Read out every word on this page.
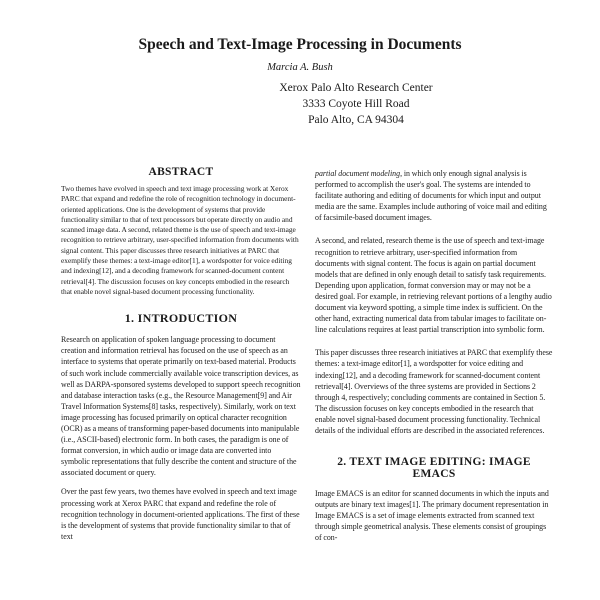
Speech and Text-Image Processing in Documents
Marcia A. Bush
Xerox Palo Alto Research Center
3333 Coyote Hill Road
Palo Alto, CA 94304
ABSTRACT

Two themes have evolved in speech and text image processing work at Xerox PARC that expand and redefine the role of recognition technology in document-oriented applications. One is the development of systems that provide functionality similar to that of text processors but operate directly on audio and scanned image data. A second, related theme is the use of speech and text-image recognition to retrieve arbitrary, user-specified information from documents with signal content. This paper discusses three research initiatives at PARC that exemplify these themes: a text-image editor[1], a wordspotter for voice editing and indexing[12], and a decoding framework for scanned-document content retrieval[4]. The discussion focuses on key concepts embodied in the research that enable novel signal-based document processing functionality.

1. INTRODUCTION

Research on application of spoken language processing to document creation and information retrieval has focused on the use of speech as an interface to systems that operate primarily on text-based material. Products of such work include commercially available voice transcription devices, as well as DARPA-sponsored systems developed to support speech recognition and database interaction tasks (e.g., the Resource Management[9] and Air Travel Information Systems[8] tasks, respectively). Similarly, work on text image processing has focused primarily on optical character recognition (OCR) as a means of transforming paper-based documents into manipulable (i.e., ASCII-based) electronic form. In both cases, the paradigm is one of format conversion, in which audio or image data are converted into symbolic representations that fully describe the content and structure of the associated document or query.

Over the past few years, two themes have evolved in speech and text image processing work at Xerox PARC that expand and redefine the role of recognition technology in document-oriented applications. The first of these is the development of systems that provide functionality similar to that of text

partial document modeling, in which only enough signal analysis is performed to accomplish the user's goal. The systems are intended to facilitate authoring and editing of documents for which input and output media are the same. Examples include authoring of voice mail and editing of facsimile-based document images.

A second, and related, research theme is the use of speech and text-image recognition to retrieve arbitrary, user-specified information from documents with signal content. The focus is again on partial document models that are defined in only enough detail to satisfy task requirements. Depending upon application, format conversion may or may not be a desired goal. For example, in retrieving relevant portions of a lengthy audio document via keyword spotting, a simple time index is sufficient. On the other hand, extracting numerical data from tabular images to facilitate on-line calculations requires at least partial transcription into symbolic form.

This paper discusses three research initiatives at PARC that exemplify these themes: a text-image editor[1], a wordspotter for voice editing and indexing[12], and a decoding framework for scanned-document content retrieval[4]. Overviews of the three systems are provided in Sections 2 through 4, respectively; concluding comments are contained in Section 5. The discussion focuses on key concepts embodied in the research that enable novel signal-based document processing functionality. Technical details of the individual efforts are described in the associated references.

2. TEXT IMAGE EDITING: IMAGE EMACS

Image EMACS is an editor for scanned documents in which the inputs and outputs are binary text images[1]. The primary document representation in Image EMACS is a set of image elements extracted from scanned text through simple geometrical analysis. These elements consist of groupings of con-
